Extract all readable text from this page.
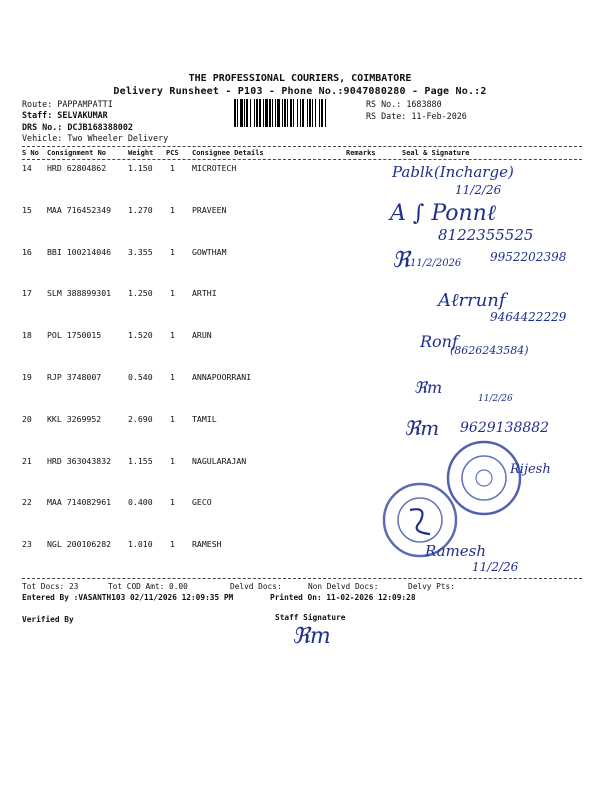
THE PROFESSIONAL COURIERS, COIMBATORE
Delivery Runsheet - P103 - Phone No.:9047080280 - Page No.:2
Route: PAPPAMPATTI
Staff: SELVAKUMAR
DRS No.: DCJB168388002
Vehicle: Two Wheeler Delivery
RS No.: 1683880
RS Date: 11-Feb-2026
S No Consignment No	Weight PCS Consignee Details	Remarks	Seal & Signature
14 HRD 62804862	1.150 1 MICROTECH
15 MAA 716452349 1.270 1 PRAVEEN
16 BBI 100214046 3.355 1 GOWTHAM
17 SLM 388899301 1.250 1 ARTHI
18 POL 1750015	1.520 1 ARUN
19 RJP 3748007	0.540 1 ANNAPOORRANI
20 KKL 3269952	2.690 1 TAMIL
21 HRD 363043832 1.155 1 NAGULARAJAN
22 MAA 714082961 0.400 1 GECO
23 NGL 200106282 1.010 1 RAMESH
Pablk(Incharge)
11/2/26
A ∫ Ponnℓ
8122355525
ℜ 11/2/2026 9952202398
Aℓrrunf
9464422229
Ronf
(8626243584)
ℜm
11/2/26
ℜm 9629138882
Rijesh
Ramesh
11/2/26
Tot Docs: 23	Tot COD Amt: 0.00	Delvd Docs:	Non Delvd Docs:	Delvy Pts:
Entered By :VASANTH103 02/11/2026 12:09:35 PM	Printed On: 11-02-2026 12:09:28
Verified By	Staff Signature
ℜm
